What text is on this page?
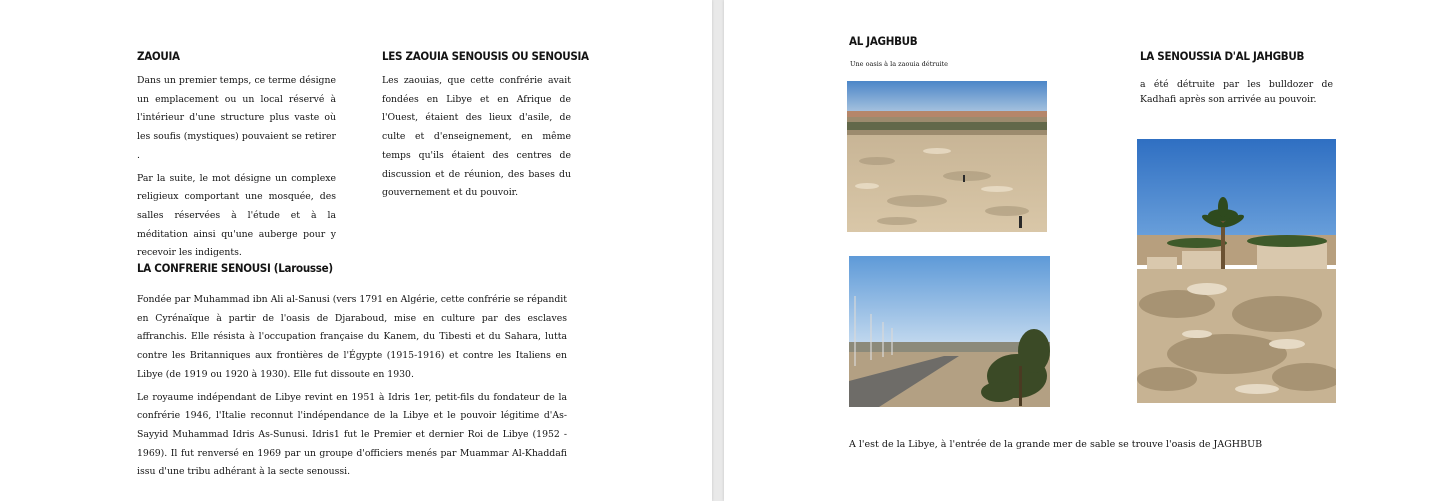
ZAOUIA

Dans un premier temps, ce terme désigne un emplacement ou un local réservé à l'intérieur d'une structure plus vaste où les soufis (mystiques) pouvaient se retirer .

Par la suite, le mot désigne un complexe religieux comportant une mosquée, des salles réservées à l'étude et à la méditation ainsi qu'une auberge pour y recevoir les indigents.

LES ZAOUIA SENOUSIS OU SENOUSIA

Les zaouias, que cette confrérie avait fondées en Libye et en Afrique de l'Ouest, étaient des lieux d'asile, de culte et d'enseignement, en même temps qu'ils étaient des centres de discussion et de réunion, des bases du gouvernement et du pouvoir.

LA CONFRERIE SENOUSI (Larousse)

Fondée par Muhammad ibn Ali al-Sanusi (vers 1791 en Algérie, cette confrérie se répandit en Cyrénaïque à partir de l'oasis de Djaraboud, mise en culture par des esclaves affranchis. Elle résista à l'occupation française du Kanem, du Tibesti et du Sahara, lutta contre les Britanniques aux frontières de l'Égypte (1915-1916) et contre les Italiens en Libye (de 1919 ou 1920 à 1930). Elle fut dissoute en 1930.

Le royaume indépendant de Libye revint en 1951 à Idris 1er, petit-fils du fondateur de la confrérie 1946, l'Italie reconnut l'indépendance de la Libye et le pouvoir légitime d'As-Sayyid Muhammad Idris As-Sunusi. Idris1 fut le Premier et dernier Roi de Libye (1952 - 1969). Il fut renversé en 1969 par un groupe d'officiers menés par Muammar Al-Khaddafi issu d'une tribu adhérant à la secte senoussi.

AL JAGHBUB
Une oasis à la zaouia détruite
LA SENOUSSIA D'AL JAHGBUB

a été détruite par les bulldozer de Kadhafi après son arrivée au pouvoir.

A l'est de la Libye, à l'entrée de la grande mer de sable se trouve l'oasis de JAGHBUB
